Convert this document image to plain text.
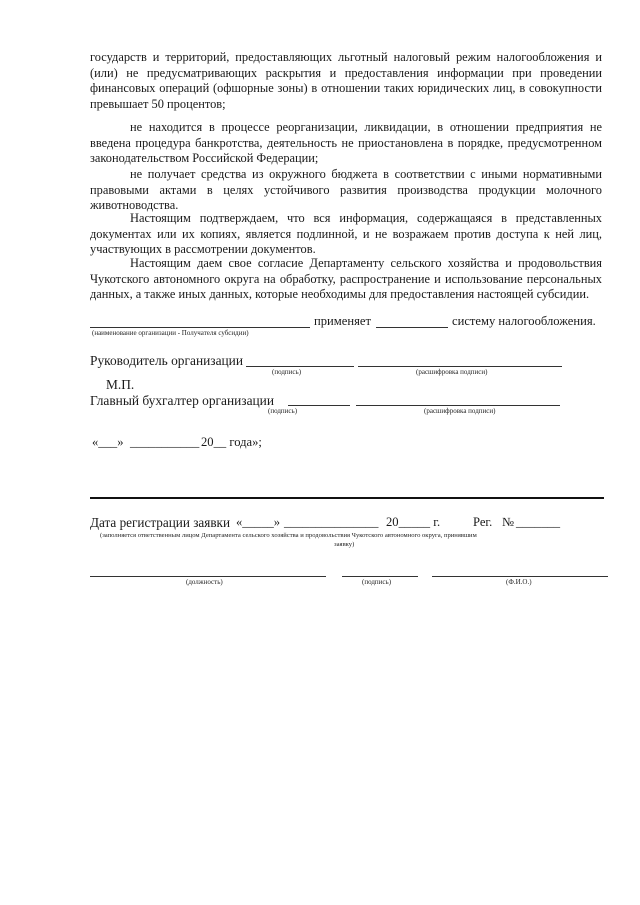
государств и территорий, предоставляющих льготный налоговый режим налогообложения и (или) не предусматривающих раскрытия и предоставления информации при проведении финансовых операций (офшорные зоны) в отношении таких юридических лиц, в совокупности превышает 50 процентов;

не находится в процессе реорганизации, ликвидации, в отношении предприятия не введена процедура банкротства, деятельность не приостановлена в порядке, предусмотренном законодательством Российской Федерации;

не получает средства из окружного бюджета в соответствии с иными нормативными правовыми актами в целях устойчивого развития производства продукции молочного животноводства.

Настоящим подтверждаем, что вся информация, содержащаяся в представленных документах или их копиях, является подлинной, и не возражаем против доступа к ней лиц, участвующих в рассмотрении документов.

Настоящим даем свое согласие Департаменту сельского хозяйства и продовольствия Чукотского автономного округа на обработку, распространение и использование персональных данных, а также иных данных, которые необходимы для предоставления настоящей субсидии.

применяет	систему налогообложения.
(наименование организации - Получателя субсидии)
Руководитель организации
(подпись)	(расшифровка подписи)
М.П.
Главный бухгалтер организации
(подпись)	(расшифровка подписи)
«___» ___________ 20__ года»;
Дата регистрации заявки «_____» _______________ 20_____ г.	Рег. № _______
(заполняется ответственным лицом Департамента сельского хозяйства и продовольствия Чукотского автономного округа, принявшим
заявку)
(должность)	(подпись)	(Ф.И.О.)
